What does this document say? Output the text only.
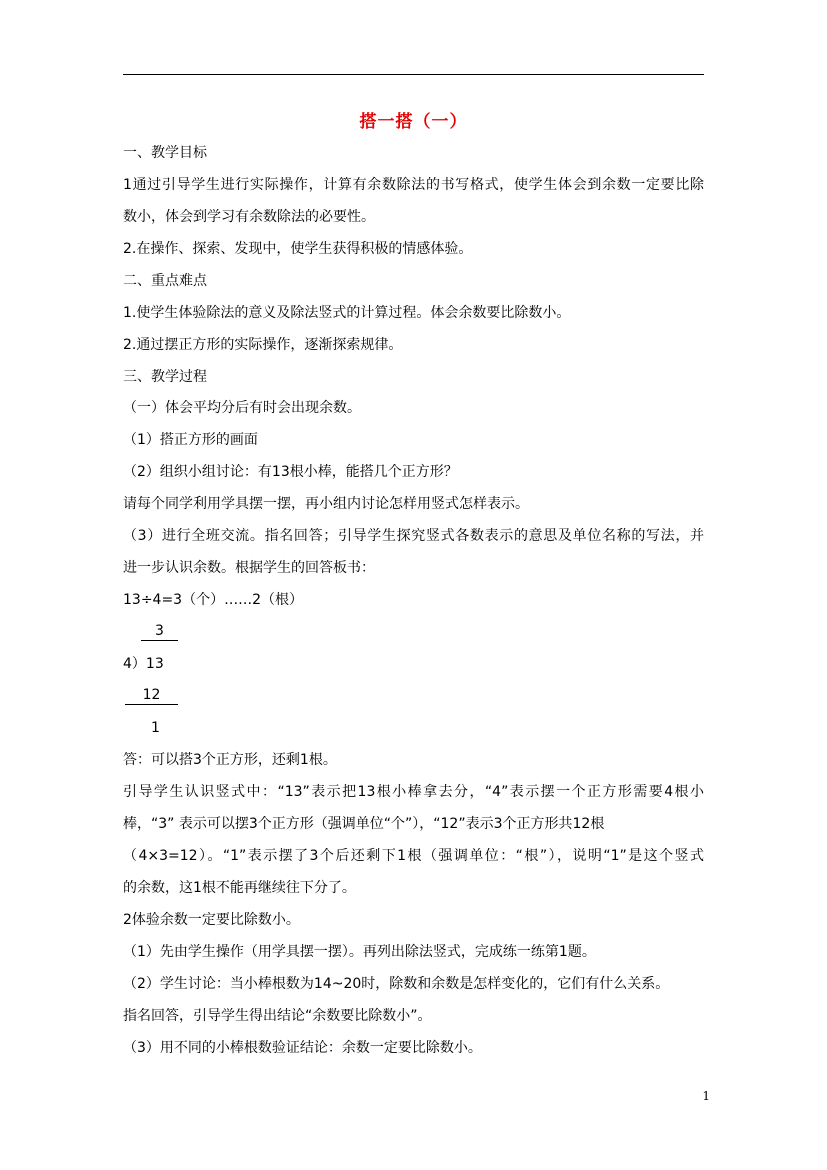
搭一搭（一）
一、教学目标
1通过引导学生进行实际操作，计算有余数除法的书写格式，使学生体会到余数一定要比除
数小，体会到学习有余数除法的必要性。
2.在操作、探索、发现中，使学生获得积极的情感体验。
二、重点难点
1.使学生体验除法的意义及除法竖式的计算过程。体会余数要比除数小。
2.通过摆正方形的实际操作，逐渐探索规律。
三、教学过程
（一）体会平均分后有时会出现余数。
（1）搭正方形的画面
（2）组织小组讨论：有13根小棒，能搭几个正方形？
请每个同学利用学具摆一摆，再小组内讨论怎样用竖式怎样表示。
（3）进行全班交流。指名回答；引导学生探究竖式各数表示的意思及单位名称的写法，并
进一步认识余数。根据学生的回答板书：
13÷4=3（个）……2（根）
3
4）13
12
1
答：可以搭3个正方形，还剩1根。
引导学生认识竖式中：“13”表示把13根小棒拿去分，“4”表示摆一个正方形需要4根小
棒，“3” 表示可以摆3个正方形（强调单位“个”），“12”表示3个正方形共12根
（4×3=12）。“1”表示摆了3个后还剩下1根（强调单位：“根”），说明“1”是这个竖式
的余数，这1根不能再继续往下分了。
2体验余数一定要比除数小。
（1）先由学生操作（用学具摆一摆）。再列出除法竖式，完成练一练第1题。
（2）学生讨论：当小棒根数为14~20时，除数和余数是怎样变化的，它们有什么关系。
指名回答，引导学生得出结论“余数要比除数小”。
（3）用不同的小棒根数验证结论：余数一定要比除数小。
1
